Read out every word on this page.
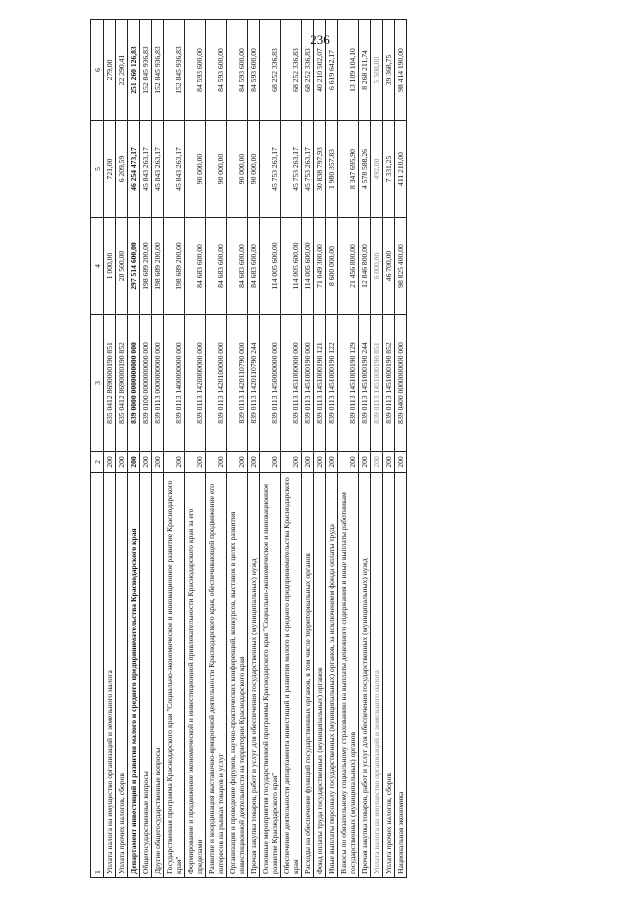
236
1	2	3	4	5	6
Уплата налога на имущество организаций и земельного налога	200	835 0412 8690000190 851	1 000,00	721,00	279,00
Уплата прочих налогов, сборов	200	835 0412 8690000190 852	28 500,00	6 209,59	22 290,41
Департамент инвестиций и развития малого и среднего предпринимательства Краснодарского края	200	839 0000 0000000000 000	297 514 600,00	46 254 473,17	251 260 126,83
Общегосударственные вопросы	200	839 0100 0000000000 000	198 689 200,00	45 843 263,17	152 845 936,83
Другие общегосударственные вопросы	200	839 0113 0000000000 000	198 689 200,00	45 843 263,17	152 845 936,83
Государственная программа Краснодарского края "Социально-экономическое и инновационное развитие Краснодарского края"	200	839 0113 1400000000 000	198 689 200,00	45 843 263,17	152 845 936,83
Формирование и продвижение экономической и инвестиционной привлекательности Краснодарского края за его пределами	200	839 0113 1420000000 000	84 683 600,00	90 000,00	84 593 600,00
Развитие и координация выставочно-ярмарочной деятельности Краснодарского края, обеспечивающей продвижение его интересов на рынках товаров и услуг	200	839 0113 1420100000 000	84 683 600,00	90 000,00	84 593 600,00
Организация и проведение форумов, научно-практических конференций, конкурсов, выставок в целях развития инвестиционной деятельности на территории Краснодарского края	200	839 0113 1420110790 000	84 683 600,00	90 000,00	84 593 600,00
Прочая закупка товаров, работ и услуг для обеспечения государственных (муниципальных) нужд	200	839 0113 1420110790 244	84 683 600,00	90 000,00	84 593 600,00
Основные мероприятия государственной программы Краснодарского края "Социально-экономическое и инновационное развитие Краснодарского края"	200	839 0113 1450000000 000	114 005 600,00	45 753 263,17	68 252 336,83
Обеспечение деятельности департамента инвестиций и развития малого и среднего предпринимательства Краснодарского края	200	839 0113 1451000000 000	114 005 600,00	45 753 263,17	68 252 336,83
Расходы на обеспечение функций государственных органов, в том числе территориальных органов	200	839 0113 1451000190 000	114 005 600,00	45 753 263,17	68 252 336,83
Фонд оплаты труда государственных (муниципальных) органов	200	839 0113 1451000190 121	71 049 300,00	30 838 797,93	40 210 502,07
Иные выплаты персоналу государственных (муниципальных) органов, за исключением фонда оплаты труда	200	839 0113 1451000190 122	8 600 000,00	1 980 357,83	6 619 642,17
Взносы по обязательному социальному страхованию на выплаты денежного содержания и иные выплаты работникам государственных (муниципальных) органов	200	839 0113 1451000190 129	21 456 800,00	8 347 695,90	13 109 104,10
Прочая закупка товаров, работ и услуг для обеспечения государственных (муниципальных) нужд	200	839 0113 1451000190 244	12 846 800,00	4 578 588,26	8 268 211,74
Уплата налога на имущество организаций и земельного налога	200	839 0113 1451000190 851	6 000,00	492,00	5 508,00
Уплата прочих налогов, сборов	200	839 0113 1451000190 852	46 700,00	7 331,25	39 368,75
Национальная экономика	200	839 0400 0000000000 000	98 825 400,00	411 210,00	98 414 190,00
